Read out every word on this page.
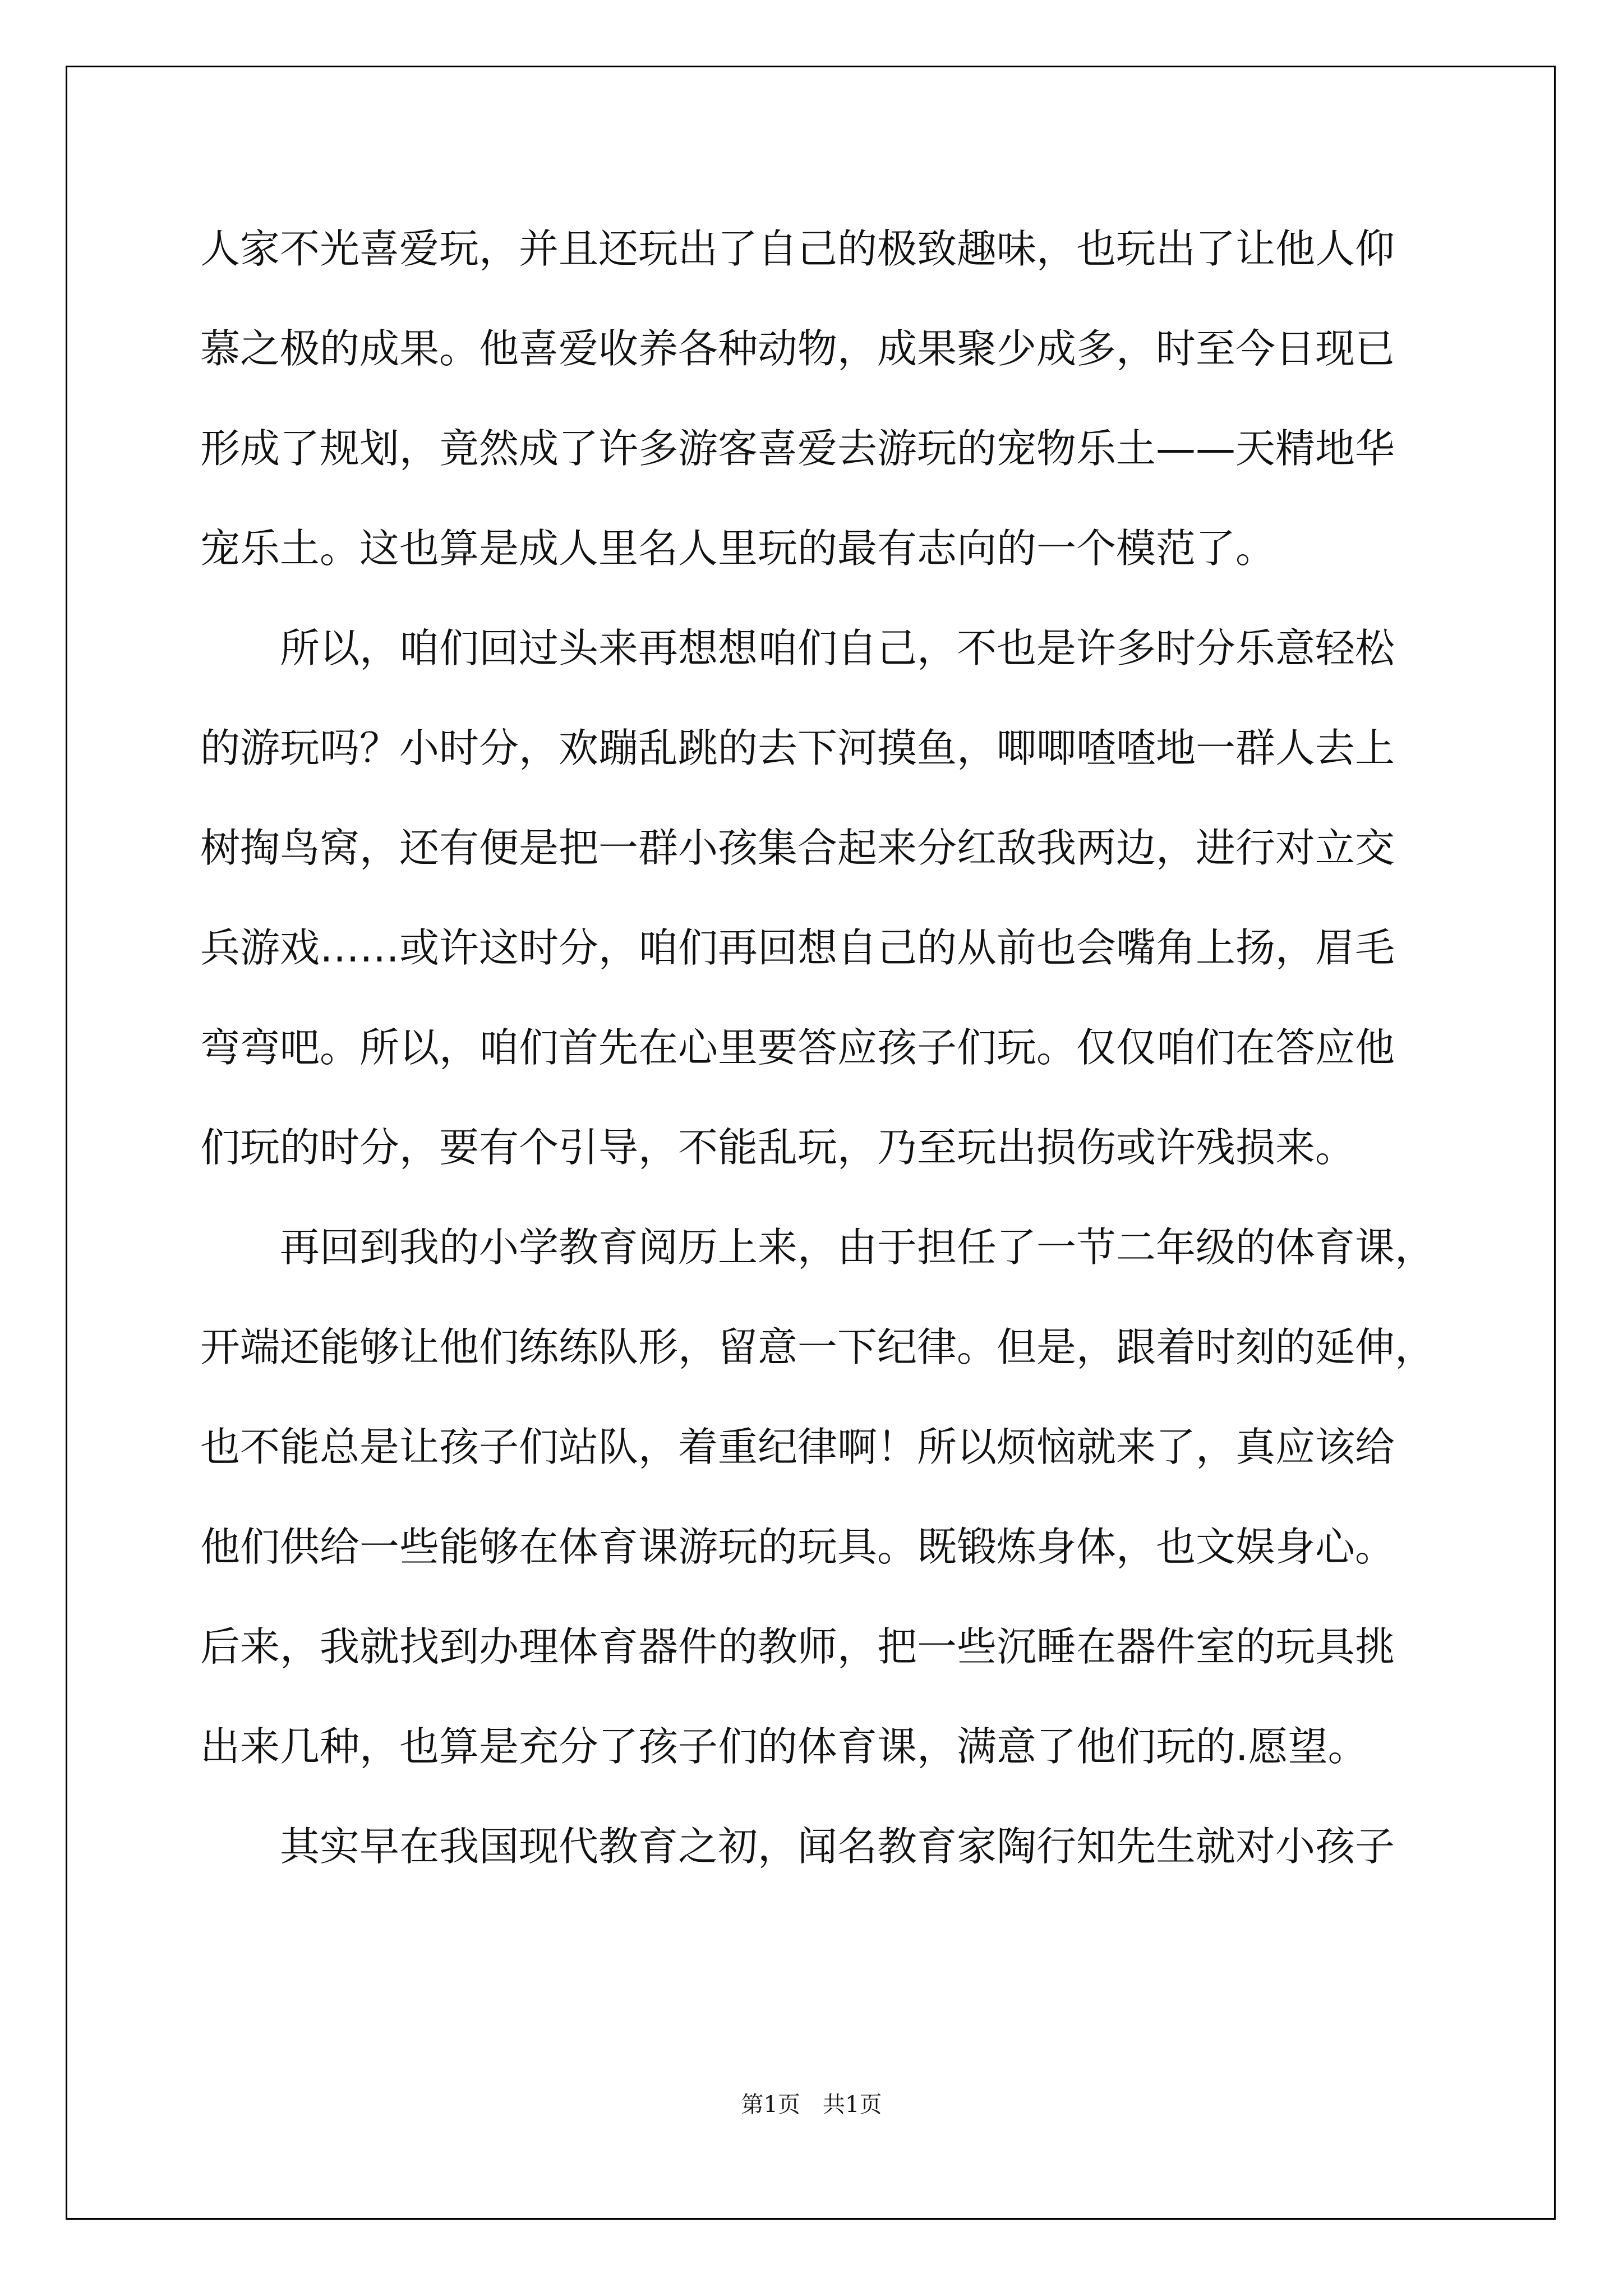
人家不光喜爱玩，并且还玩出了自己的极致趣味，也玩出了让他人仰
慕之极的成果。他喜爱收养各种动物，成果聚少成多，时至今日现已
形成了规划，竟然成了许多游客喜爱去游玩的宠物乐土——天精地华
宠乐土。这也算是成人里名人里玩的最有志向的一个模范了。
所以，咱们回过头来再想想咱们自己，不也是许多时分乐意轻松
的游玩吗？小时分，欢蹦乱跳的去下河摸鱼，唧唧喳喳地一群人去上
树掏鸟窝，还有便是把一群小孩集合起来分红敌我两边，进行对立交
兵游戏……或许这时分，咱们再回想自己的从前也会嘴角上扬，眉毛
弯弯吧。所以，咱们首先在心里要答应孩子们玩。仅仅咱们在答应他
们玩的时分，要有个引导，不能乱玩，乃至玩出损伤或许残损来。
再回到我的小学教育阅历上来，由于担任了一节二年级的体育课，
开端还能够让他们练练队形，留意一下纪律。但是，跟着时刻的延伸，
也不能总是让孩子们站队，着重纪律啊！所以烦恼就来了，真应该给
他们供给一些能够在体育课游玩的玩具。既锻炼身体，也文娱身心。
后来，我就找到办理体育器件的教师，把一些沉睡在器件室的玩具挑
出来几种，也算是充分了孩子们的体育课，满意了他们玩的.愿望。
其实早在我国现代教育之初，闻名教育家陶行知先生就对小孩子
第1页　共1页
